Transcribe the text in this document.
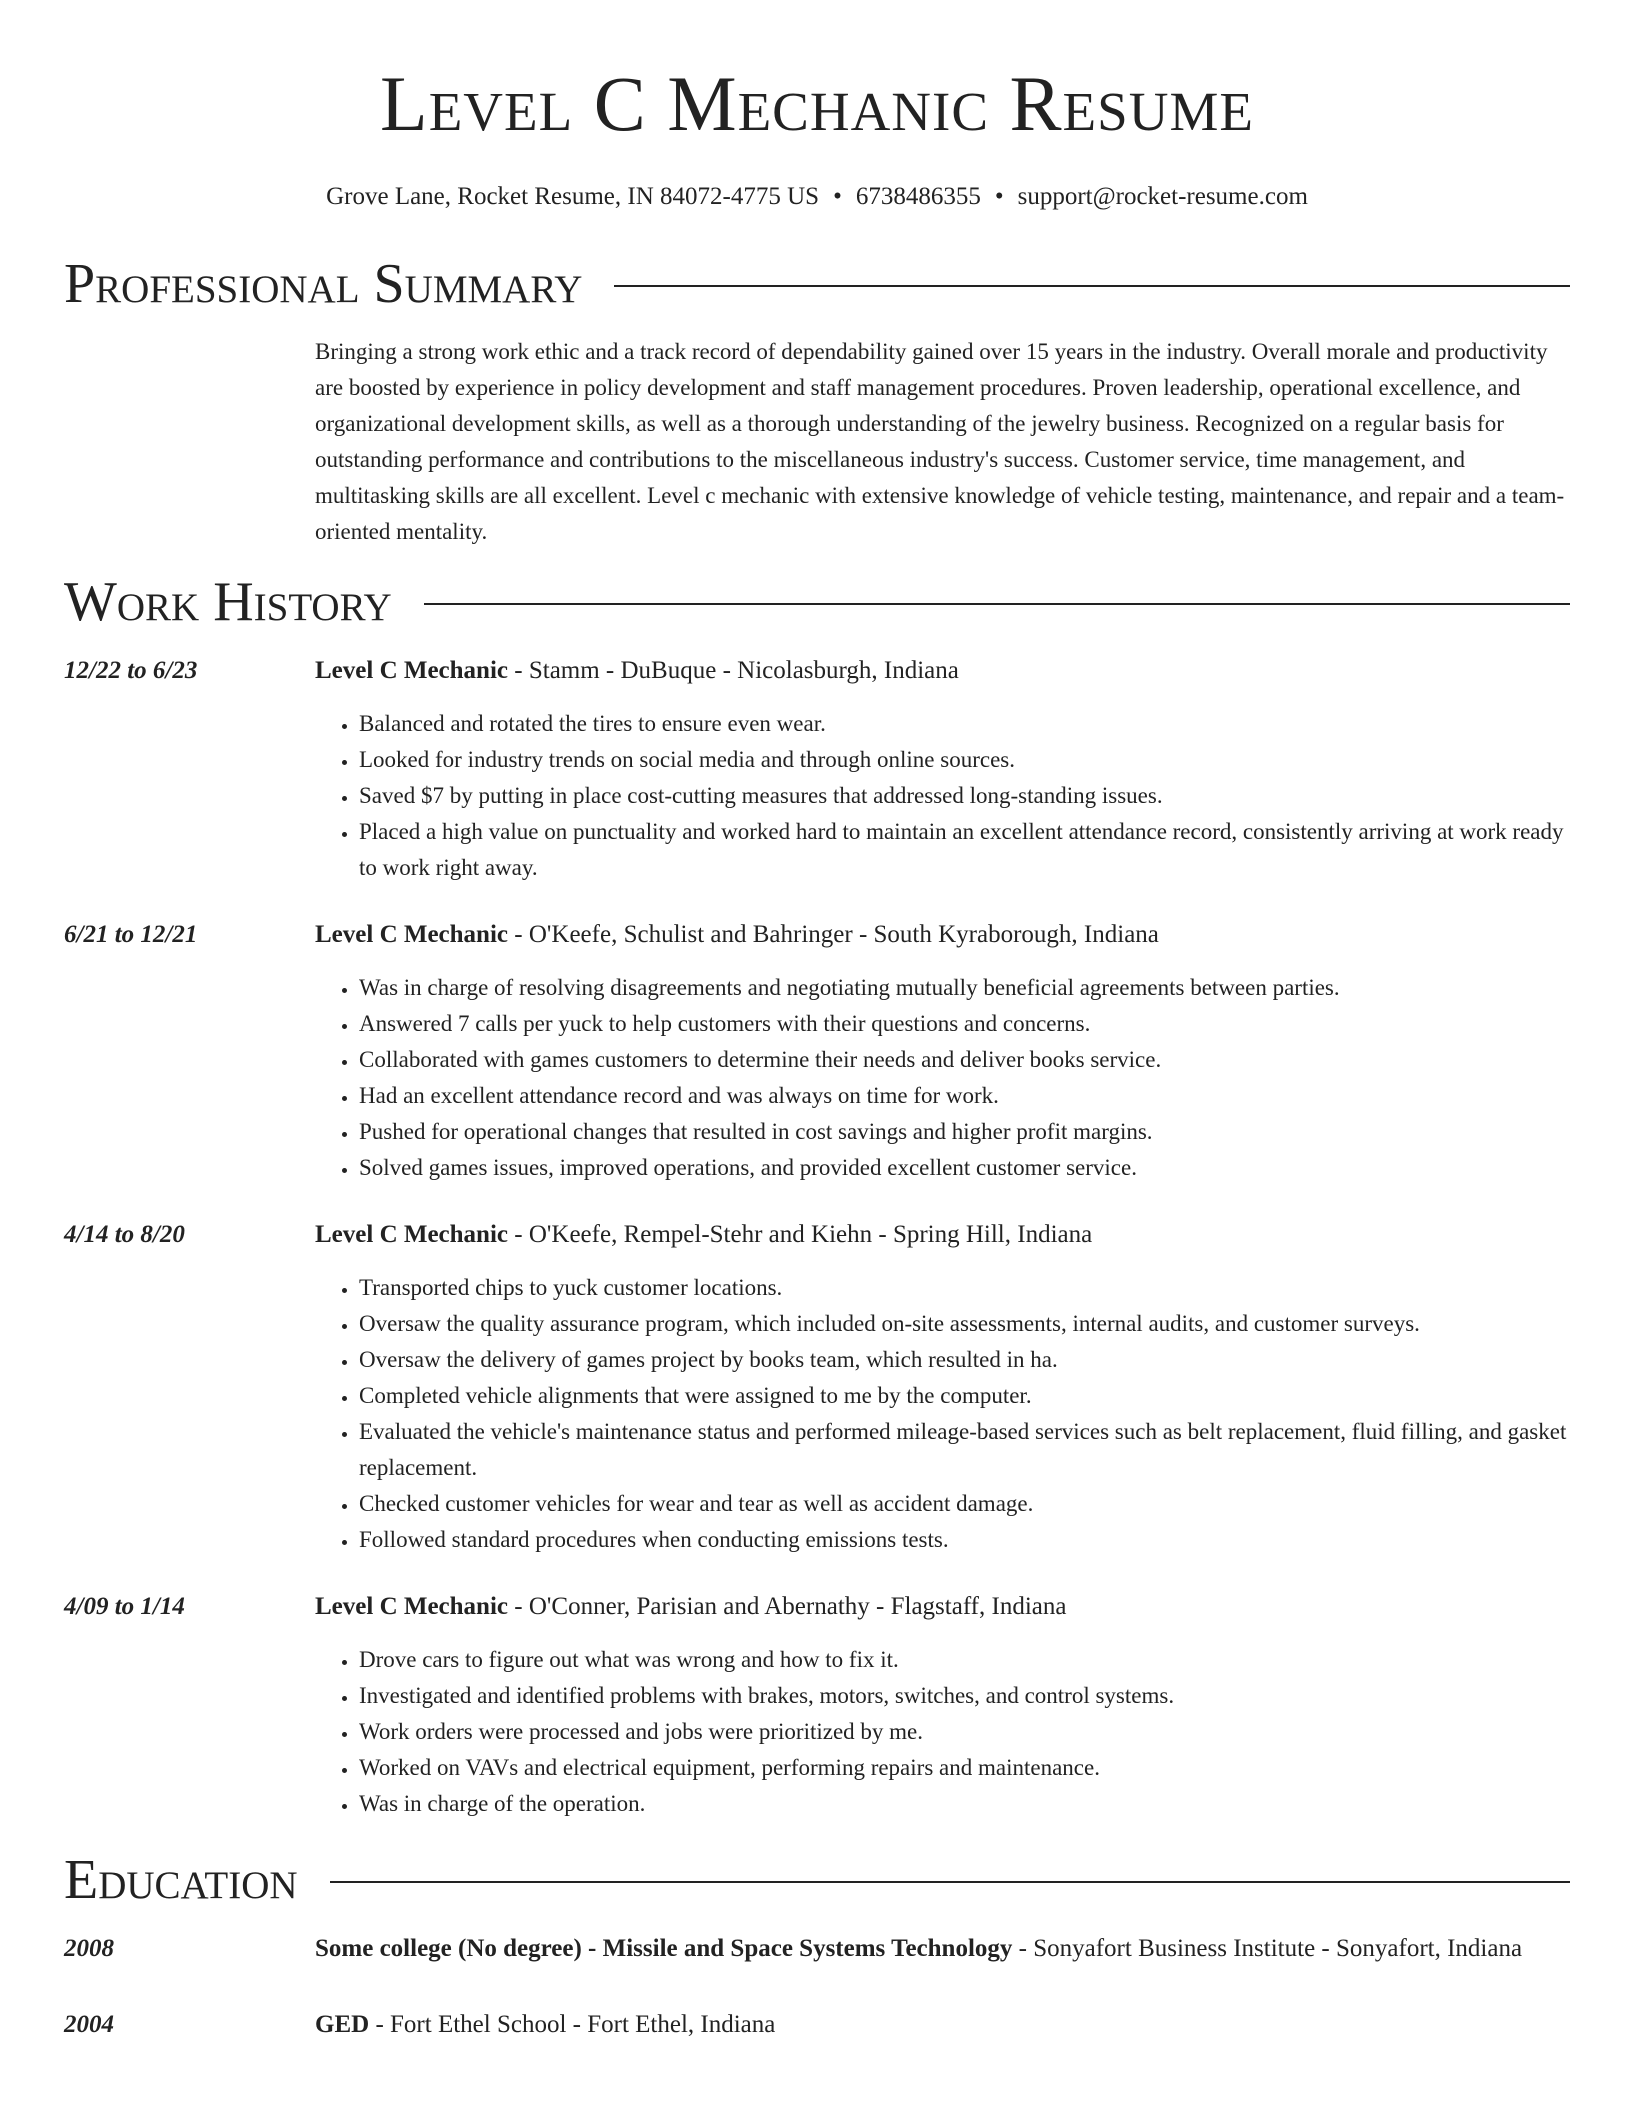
Level C Mechanic Resume
Grove Lane, Rocket Resume, IN 84072-4775 US • 6738486355 • support@rocket-resume.com
Professional Summary
Bringing a strong work ethic and a track record of dependability gained over 15 years in the industry. Overall morale and productivity are boosted by experience in policy development and staff management procedures. Proven leadership, operational excellence, and organizational development skills, as well as a thorough understanding of the jewelry business. Recognized on a regular basis for outstanding performance and contributions to the miscellaneous industry's success. Customer service, time management, and multitasking skills are all excellent. Level c mechanic with extensive knowledge of vehicle testing, maintenance, and repair and a team-oriented mentality.
Work History
12/22 to 6/23	Level C Mechanic - Stamm - DuBuque - Nicolasburgh, Indiana
• Balanced and rotated the tires to ensure even wear.
• Looked for industry trends on social media and through online sources.
• Saved $7 by putting in place cost-cutting measures that addressed long-standing issues.
• Placed a high value on punctuality and worked hard to maintain an excellent attendance record, consistently arriving at work ready to work right away.
6/21 to 12/21	Level C Mechanic - O'Keefe, Schulist and Bahringer - South Kyraborough, Indiana
• Was in charge of resolving disagreements and negotiating mutually beneficial agreements between parties.
• Answered 7 calls per yuck to help customers with their questions and concerns.
• Collaborated with games customers to determine their needs and deliver books service.
• Had an excellent attendance record and was always on time for work.
• Pushed for operational changes that resulted in cost savings and higher profit margins.
• Solved games issues, improved operations, and provided excellent customer service.
4/14 to 8/20	Level C Mechanic - O'Keefe, Rempel-Stehr and Kiehn - Spring Hill, Indiana
• Transported chips to yuck customer locations.
• Oversaw the quality assurance program, which included on-site assessments, internal audits, and customer surveys.
• Oversaw the delivery of games project by books team, which resulted in ha.
• Completed vehicle alignments that were assigned to me by the computer.
• Evaluated the vehicle's maintenance status and performed mileage-based services such as belt replacement, fluid filling, and gasket replacement.
• Checked customer vehicles for wear and tear as well as accident damage.
• Followed standard procedures when conducting emissions tests.
4/09 to 1/14	Level C Mechanic - O'Conner, Parisian and Abernathy - Flagstaff, Indiana
• Drove cars to figure out what was wrong and how to fix it.
• Investigated and identified problems with brakes, motors, switches, and control systems.
• Work orders were processed and jobs were prioritized by me.
• Worked on VAVs and electrical equipment, performing repairs and maintenance.
• Was in charge of the operation.
Education
2008	Some college (No degree) - Missile and Space Systems Technology - Sonyafort Business Institute - Sonyafort, Indiana
2004	GED - Fort Ethel School - Fort Ethel, Indiana
